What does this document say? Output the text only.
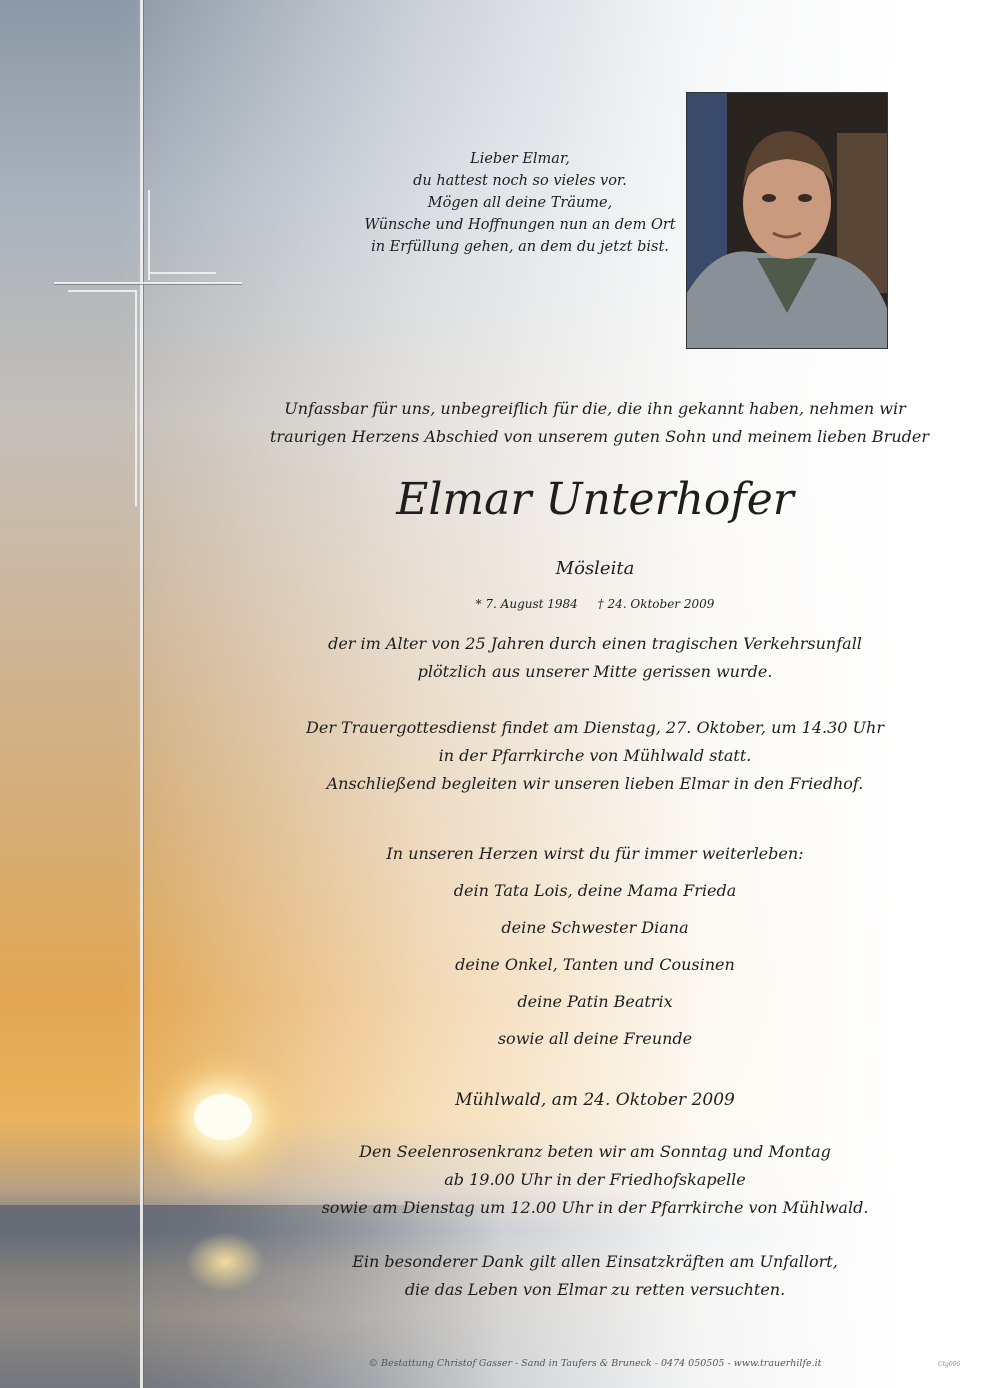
Lieber Elmar,
du hattest noch so vieles vor.
Mögen all deine Träume,
Wünsche und Hoffnungen nun an dem Ort
in Erfüllung gehen, an dem du jetzt bist.
Unfassbar für uns, unbegreiflich für die, die ihn gekannt haben, nehmen wir
traurigen Herzens Abschied von unserem guten Sohn und meinem lieben Bruder
Elmar Unterhofer
Mösleita
* 7. August 1984 † 24. Oktober 2009
der im Alter von 25 Jahren durch einen tragischen Verkehrsunfall
plötzlich aus unserer Mitte gerissen wurde.
Der Trauergottesdienst findet am Dienstag, 27. Oktober, um 14.30 Uhr
in der Pfarrkirche von Mühlwald statt.
Anschließend begleiten wir unseren lieben Elmar in den Friedhof.
In unseren Herzen wirst du für immer weiterleben:
dein Tata Lois, deine Mama Frieda
deine Schwester Diana
deine Onkel, Tanten und Cousinen
deine Patin Beatrix
sowie all deine Freunde
Mühlwald, am 24. Oktober 2009
Den Seelenrosenkranz beten wir am Sonntag und Montag
ab 19.00 Uhr in der Friedhofskapelle
sowie am Dienstag um 12.00 Uhr in der Pfarrkirche von Mühlwald.
Ein besonderer Dank gilt allen Einsatzkräften am Unfallort,
die das Leben von Elmar zu retten versuchten.
© Bestattung Christof Gasser - Sand in Taufers & Bruneck - 0474 050505 - www.trauerhilfe.it	Ctg006
